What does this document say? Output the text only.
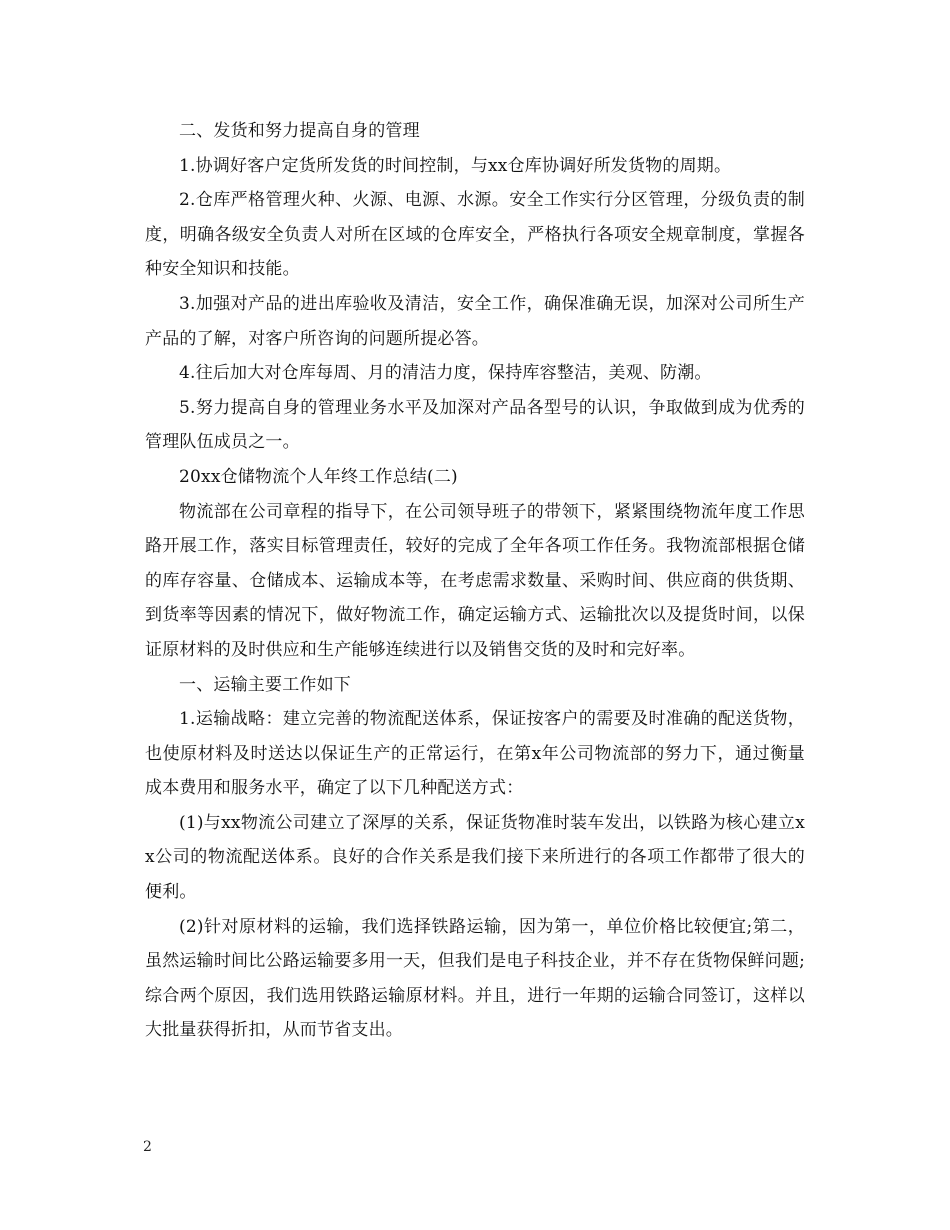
二、发货和努力提高自身的管理

1.协调好客户定货所发货的时间控制，与xx仓库协调好所发货物的周期。

2.仓库严格管理火种、火源、电源、水源。安全工作实行分区管理，分级负责的制度，明确各级安全负责人对所在区域的仓库安全，严格执行各项安全规章制度，掌握各种安全知识和技能。

3.加强对产品的进出库验收及清洁，安全工作，确保准确无误，加深对公司所生产产品的了解，对客户所咨询的问题所提必答。

4.往后加大对仓库每周、月的清洁力度，保持库容整洁，美观、防潮。

5.努力提高自身的管理业务水平及加深对产品各型号的认识，争取做到成为优秀的管理队伍成员之一。

20xx仓储物流个人年终工作总结(二)

物流部在公司章程的指导下，在公司领导班子的带领下，紧紧围绕物流年度工作思路开展工作，落实目标管理责任，较好的完成了全年各项工作任务。我物流部根据仓储的库存容量、仓储成本、运输成本等，在考虑需求数量、采购时间、供应商的供货期、到货率等因素的情况下，做好物流工作，确定运输方式、运输批次以及提货时间，以保证原材料的及时供应和生产能够连续进行以及销售交货的及时和完好率。

一、运输主要工作如下

1.运输战略：建立完善的物流配送体系，保证按客户的需要及时准确的配送货物，也使原材料及时送达以保证生产的正常运行，在第x年公司物流部的努力下，通过衡量成本费用和服务水平，确定了以下几种配送方式：

(1)与xx物流公司建立了深厚的关系，保证货物准时装车发出，以铁路为核心建立xx公司的物流配送体系。良好的合作关系是我们接下来所进行的各项工作都带了很大的便利。

(2)针对原材料的运输，我们选择铁路运输，因为第一，单位价格比较便宜;第二，虽然运输时间比公路运输要多用一天，但我们是电子科技企业，并不存在货物保鲜问题;综合两个原因，我们选用铁路运输原材料。并且，进行一年期的运输合同签订，这样以大批量获得折扣，从而节省支出。

2
